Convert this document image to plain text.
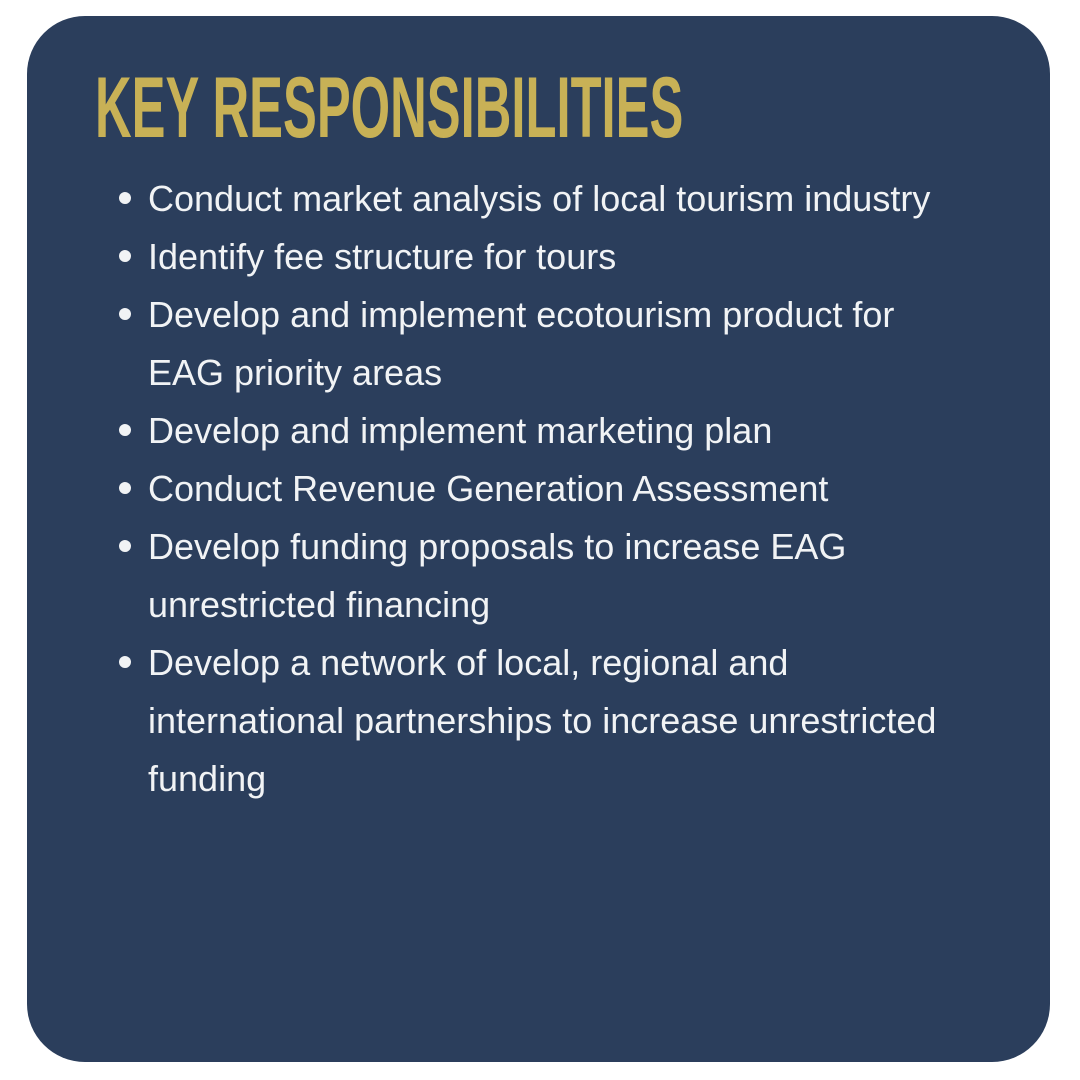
KEY RESPONSIBILITIES
Conduct market analysis of local tourism industry
Identify fee structure for tours
Develop and implement ecotourism product for EAG priority areas
Develop and implement marketing plan
Conduct Revenue Generation Assessment
Develop funding proposals to increase EAG unrestricted financing
Develop a network of local, regional and international partnerships to increase unrestricted funding
